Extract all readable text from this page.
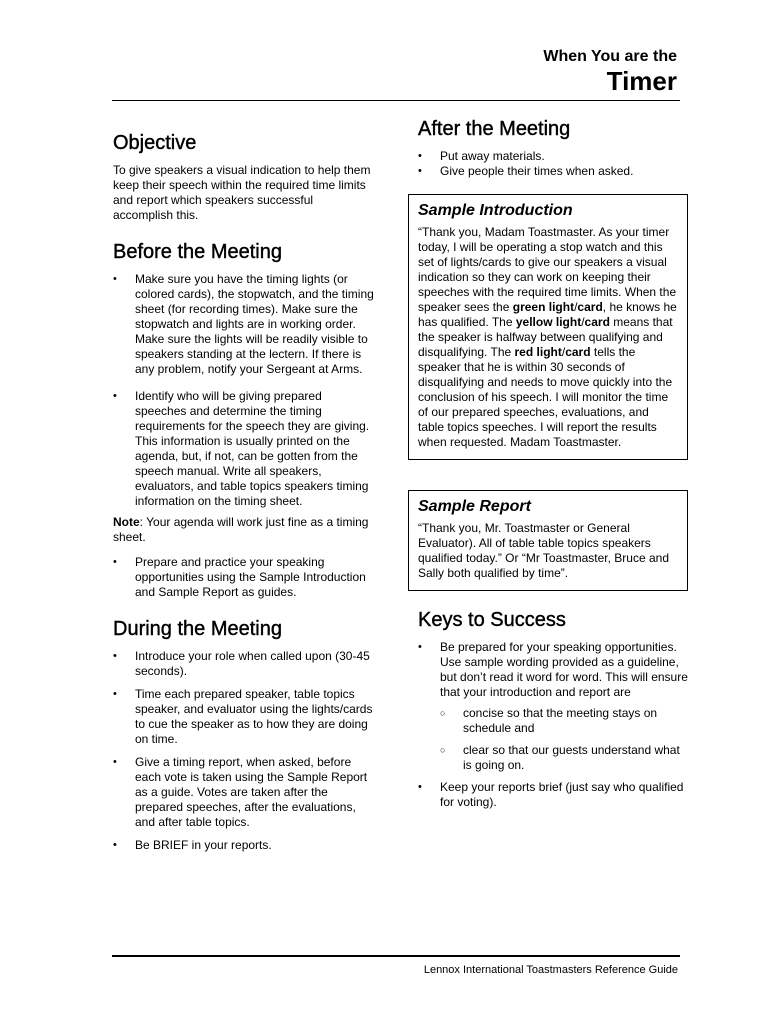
When You are the
Timer
Objective

To give speakers a visual indication to help them keep their speech within the required time limits and report which speakers successful accomplish this.

Before the Meeting
• Make sure you have the timing lights (or colored cards), the stopwatch, and the timing sheet (for recording times). Make sure the stopwatch and lights are in working order. Make sure the lights will be readily visible to speakers standing at the lectern. If there is any problem, notify your Sergeant at Arms.
• Identify who will be giving prepared speeches and determine the timing requirements for the speech they are giving. This information is usually printed on the agenda, but, if not, can be gotten from the speech manual. Write all speakers, evaluators, and table topics speakers timing information on the timing sheet.

Note: Your agenda will work just fine as a timing sheet.

• Prepare and practice your speaking opportunities using the Sample Introduction and Sample Report as guides.
During the Meeting
• Introduce your role when called upon (30-45 seconds).
• Time each prepared speaker, table topics speaker, and evaluator using the lights/cards to cue the speaker as to how they are doing on time.
• Give a timing report, when asked, before each vote is taken using the Sample Report as a guide. Votes are taken after the prepared speeches, after the evaluations, and after table topics.
• Be BRIEF in your reports.
After the Meeting
• Put away materials.
• Give people their times when asked.
Sample Introduction

“Thank you, Madam Toastmaster. As your timer today, I will be operating a stop watch and this set of lights/cards to give our speakers a visual indication so they can work on keeping their speeches with the required time limits. When the speaker sees the green light/card, he knows he has qualified. The yellow light/card means that the speaker is halfway between qualifying and disqualifying. The red light/card tells the speaker that he is within 30 seconds of disqualifying and needs to move quickly into the conclusion of his speech. I will monitor the time of our prepared speeches, evaluations, and table topics speeches. I will report the results when requested. Madam Toastmaster.

Sample Report

“Thank you, Mr. Toastmaster or General Evaluator). All of table table topics speakers qualified today.” Or “Mr Toastmaster, Bruce and Sally both qualified by time”.

Keys to Success
• Be prepared for your speaking opportunities. Use sample wording provided as a guideline, but don’t read it word for word. This will ensure that your introduction and report are
○ concise so that the meeting stays on schedule and
○ clear so that our guests understand what is going on.
• Keep your reports brief (just say who qualified for voting).
Lennox International Toastmasters Reference Guide
